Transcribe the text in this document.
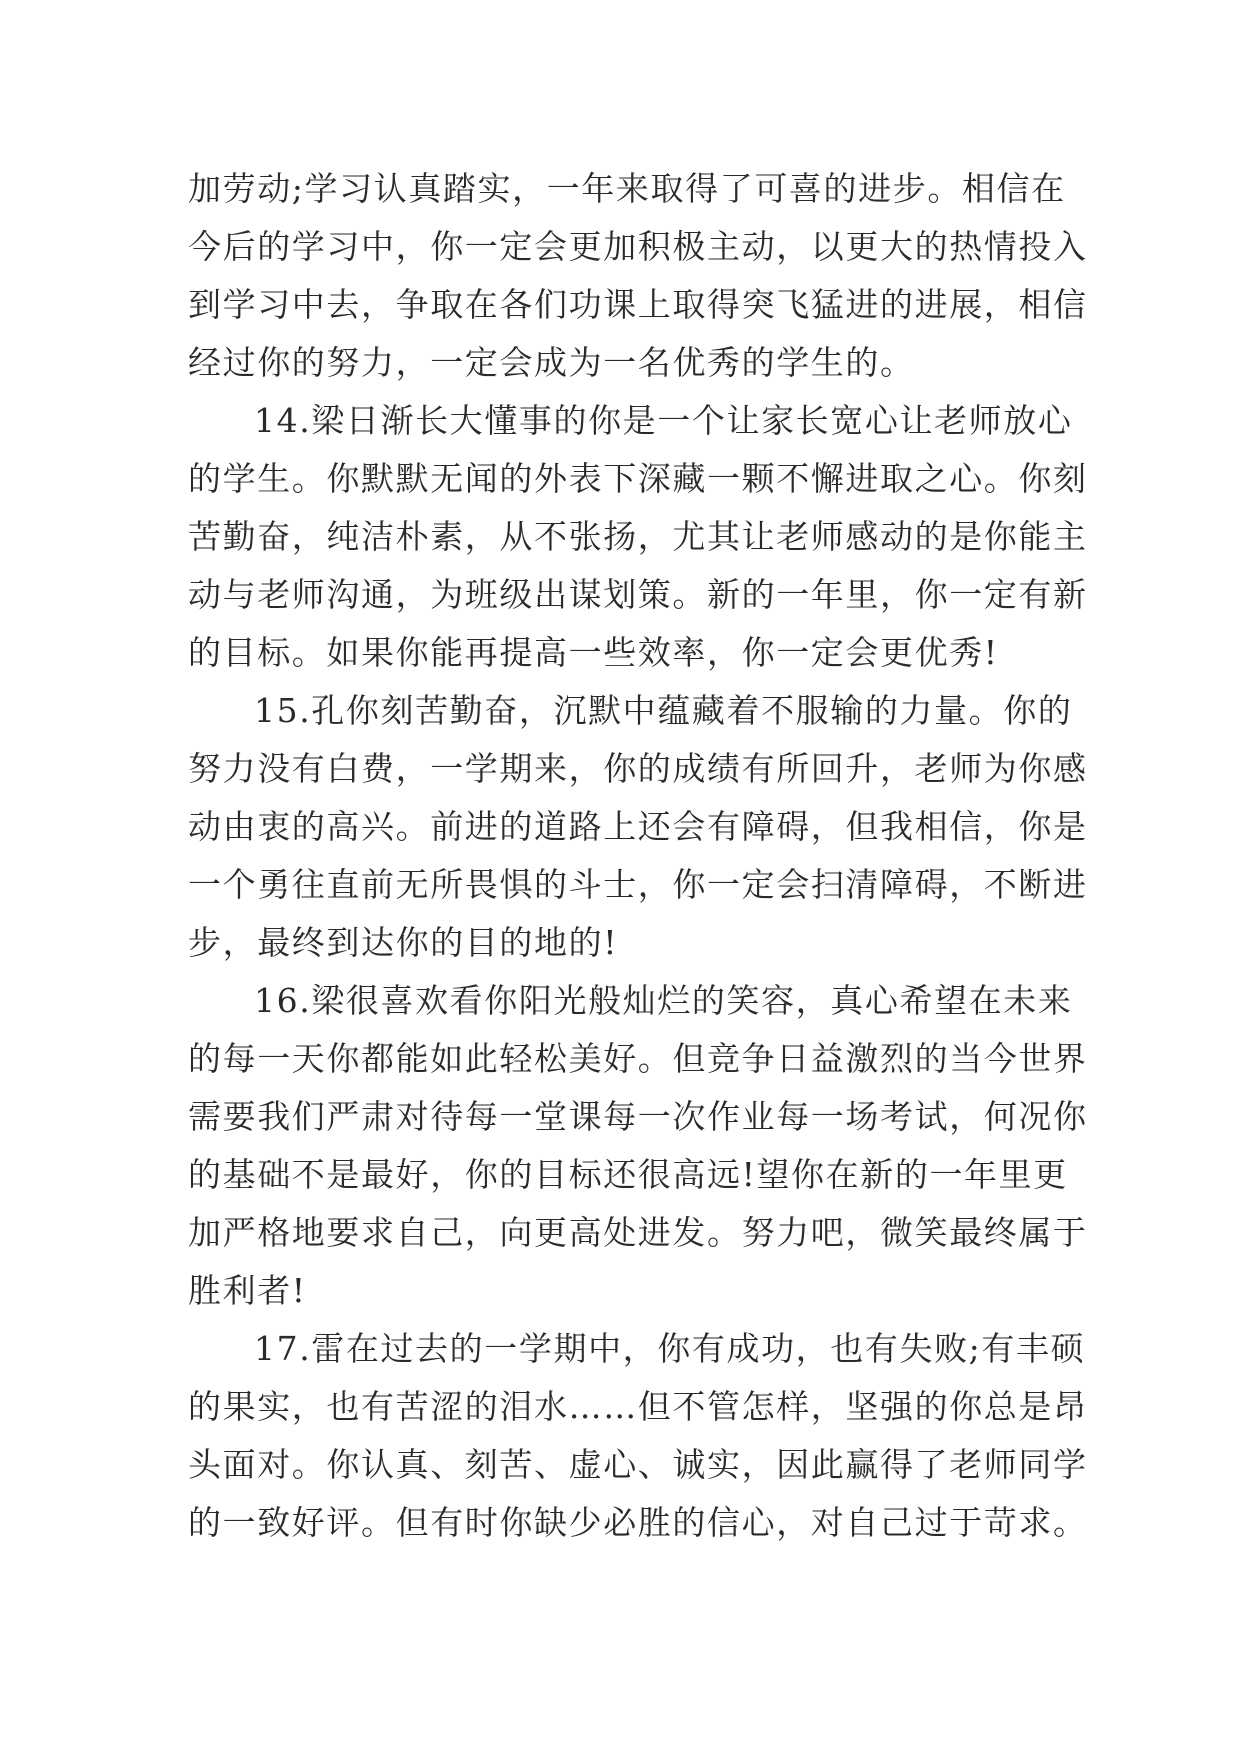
加劳动;学习认真踏实，一年来取得了可喜的进步。相信在
今后的学习中，你一定会更加积极主动，以更大的热情投入
到学习中去，争取在各们功课上取得突飞猛进的进展，相信
经过你的努力，一定会成为一名优秀的学生的。
14.梁日渐长大懂事的你是一个让家长宽心让老师放心
的学生。你默默无闻的外表下深藏一颗不懈进取之心。你刻
苦勤奋，纯洁朴素，从不张扬，尤其让老师感动的是你能主
动与老师沟通，为班级出谋划策。新的一年里，你一定有新
的目标。如果你能再提高一些效率，你一定会更优秀!
15.孔你刻苦勤奋，沉默中蕴藏着不服输的力量。你的
努力没有白费，一学期来，你的成绩有所回升，老师为你感
动由衷的高兴。前进的道路上还会有障碍，但我相信，你是
一个勇往直前无所畏惧的斗士，你一定会扫清障碍，不断进
步，最终到达你的目的地的!
16.梁很喜欢看你阳光般灿烂的笑容，真心希望在未来
的每一天你都能如此轻松美好。但竞争日益激烈的当今世界
需要我们严肃对待每一堂课每一次作业每一场考试，何况你
的基础不是最好，你的目标还很高远!望你在新的一年里更
加严格地要求自己，向更高处进发。努力吧，微笑最终属于
胜利者!
17.雷在过去的一学期中，你有成功，也有失败;有丰硕
的果实，也有苦涩的泪水……但不管怎样，坚强的你总是昂
头面对。你认真、刻苦、虚心、诚实，因此赢得了老师同学
的一致好评。但有时你缺少必胜的信心，对自己过于苛求。
